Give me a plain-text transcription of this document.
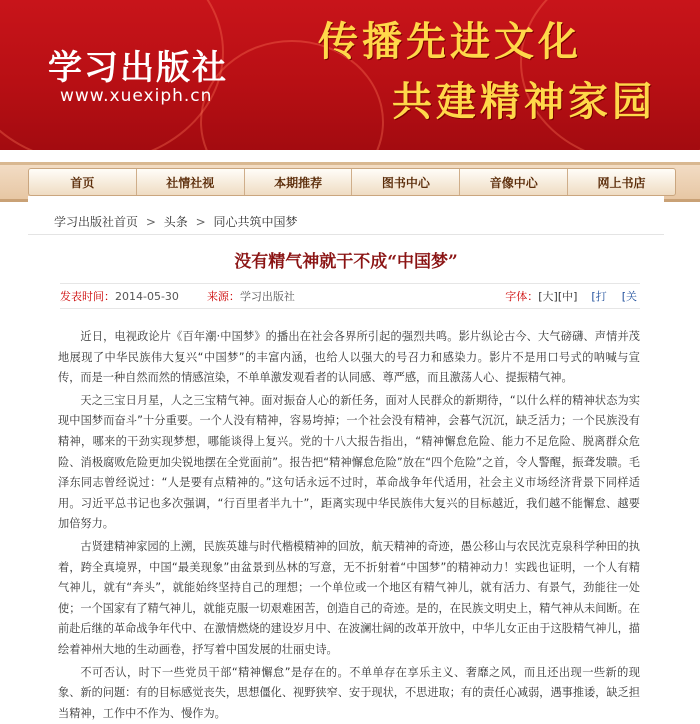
学习出版社
www.xuexiph.cn
传播先进文化
共建精神家园
首页	社情社视	本期推荐	图书中心	音像中心	网上书店
学习出版社首页 > 头条 > 同心共筑中国梦
没有精气神就干不成“中国梦”
发表时间： 2014-05-30	来源： 学习出版社	字体： [大] [中] [打 [关

近日，电视政论片《百年潮·中国梦》的播出在社会各界所引起的强烈共鸣。影片纵论古今、大气磅礴、声情并茂地展现了中华民族伟大复兴“中国梦”的丰富内涵，也给人以强大的号召力和感染力。影片不是用口号式的呐喊与宣传，而是一种自然而然的情感渲染，不单单激发观看者的认同感、尊严感，而且激荡人心、提振精气神。

天之三宝日月星，人之三宝精气神。面对振奋人心的新任务，面对人民群众的新期待，“以什么样的精神状态为实现中国梦而奋斗”十分重要。一个人没有精神，容易垮掉；一个社会没有精神，会暮气沉沉，缺乏活力；一个民族没有精神，哪来的干劲实现梦想，哪能谈得上复兴。党的十八大报告指出，“精神懈怠危险、能力不足危险、脱离群众危险、消极腐败危险更加尖锐地摆在全党面前”。报告把“精神懈怠危险”放在“四个危险”之首，令人警醒，振聋发聩。毛泽东同志曾经说过：“人是要有点精神的。”这句话永远不过时，革命战争年代适用，社会主义市场经济背景下同样适用。习近平总书记也多次强调，“行百里者半九十”，距离实现中华民族伟大复兴的目标越近，我们越不能懈怠、越要加倍努力。

古贤建精神家园的上溯，民族英雄与时代楷模精神的回放，航天精神的奇迹，愚公移山与农民沈克泉科学种田的执着，跨全真境界，中国“最美现象”由盆景到丛林的写意，无不折射着“中国梦”的精神动力！实践也证明，一个人有精气神儿，就有“奔头”，就能始终坚持自己的理想；一个单位或一个地区有精气神儿，就有活力、有景气，劲能往一处使；一个国家有了精气神儿，就能克服一切艰难困苦，创造自己的奇迹。是的，在民族文明史上，精气神从未间断。在前赴后继的革命战争年代中、在激情燃烧的建设岁月中、在波澜壮阔的改革开放中，中华儿女正由于这股精气神儿，描绘着神州大地的生动画卷，抒写着中国发展的壮丽史诗。

不可否认，时下一些党员干部“精神懈怠”是存在的。不单单存在享乐主义、奢靡之风，而且还出现一些新的现象、新的问题：有的目标感觉丧失，思想僵化、视野狭窄、安于现状，不思进取；有的责任心减弱，遇事推诿，缺乏担当精神，工作中不作为、慢作为。
